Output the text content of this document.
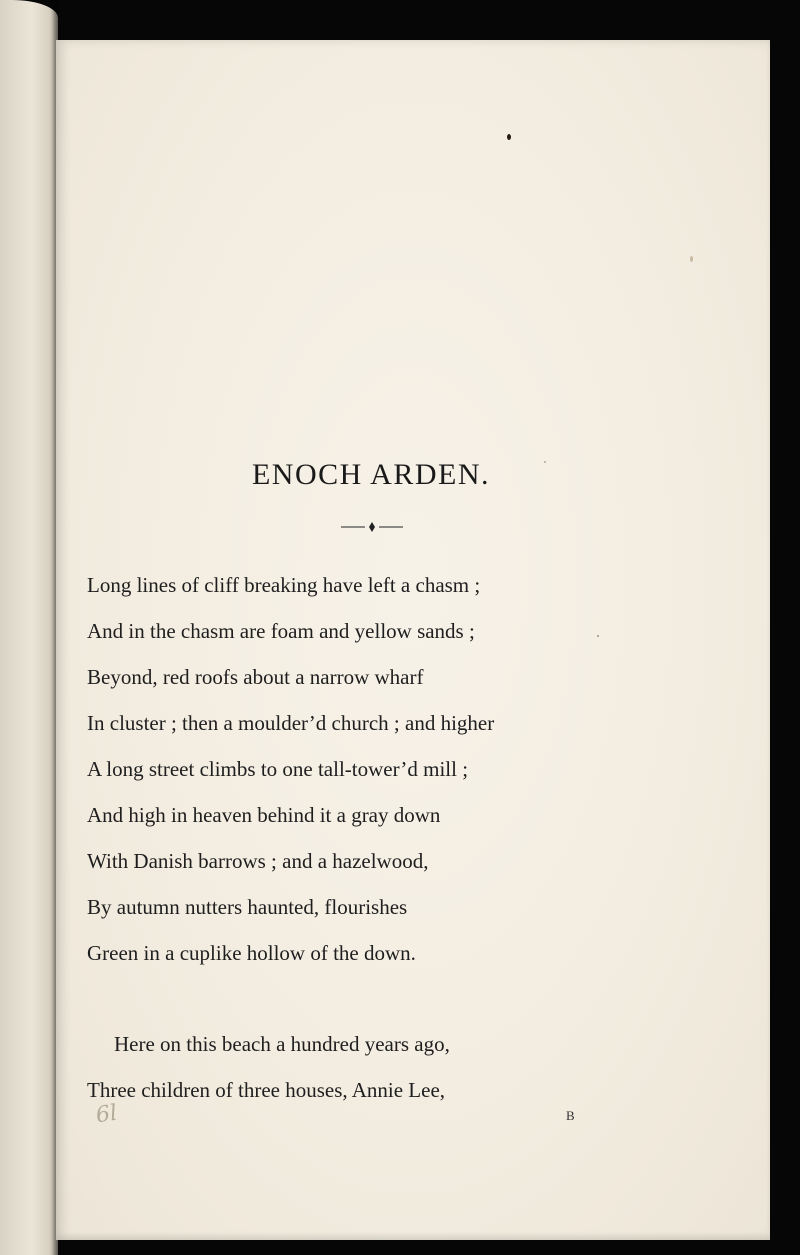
ENOCH ARDEN.
Long lines of cliff breaking have left a chasm ;
And in the chasm are foam and yellow sands ;
Beyond, red roofs about a narrow wharf
In cluster ; then a moulder’d church ; and higher
A long street climbs to one tall-tower’d mill ;
And high in heaven behind it a gray down
With Danish barrows ; and a hazelwood,
By autumn nutters haunted, flourishes
Green in a cuplike hollow of the down.
Here on this beach a hundred years ago,
Three children of three houses, Annie Lee,
6l	B
